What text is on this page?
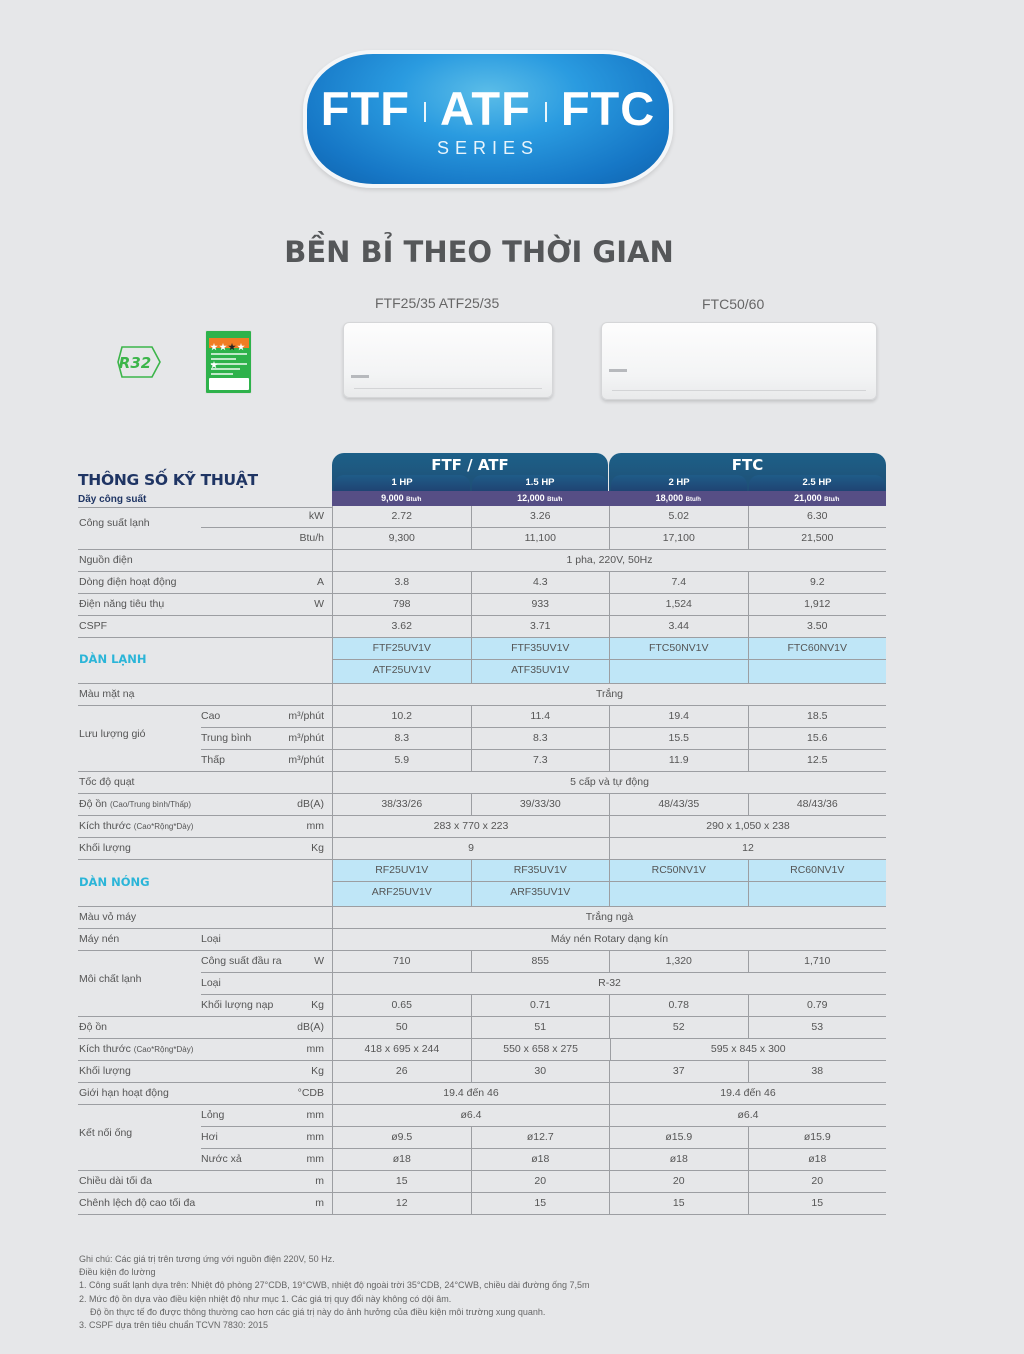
FTF ATF FTC
SERIES
BỀN BỈ THEO THỜI GIAN
R32
FTF25/35 ATF25/35	FTC50/60
THÔNG SỐ KỸ THUẬT
Dãy công suất
FTF / ATF	FTC
1 HP	1.5 HP	2 HP	2.5 HP
9,000 Btu/h	12,000 Btu/h	18,000 Btu/h	21,000 Btu/h
Công suất lạnh
kW	2.72	3.26	5.02	6.30
Btu/h	9,300	11,100	17,100	21,500
Nguồn điện	1 pha, 220V, 50Hz
Dòng điện hoạt động	A	3.8	4.3	7.4	9.2
Điện năng tiêu thụ	W	798	933	1,524	1,912
CSPF	3.62	3.71	3.44	3.50
DÀN LẠNH
FTF25UV1V	FTF35UV1V	FTC50NV1V	FTC60NV1V
ATF25UV1V	ATF35UV1V
Màu mặt nạ	Trắng
Lưu lượng gió
Cao	m³/phút	10.2	11.4	19.4	18.5
Trung bình	m³/phút	8.3	8.3	15.5	15.6
Thấp	m³/phút	5.9	7.3	11.9	12.5
Tốc độ quạt	5 cấp và tự động
Độ ồn (Cao/Trung bình/Thấp)	dB(A)	38/33/26	39/33/30	48/43/35	48/43/36
Kích thước (Cao*Rộng*Dày)	mm	283 x 770 x 223	290 x 1,050 x 238
Khối lượng	Kg	9	12
DÀN NÓNG
RF25UV1V	RF35UV1V	RC50NV1V	RC60NV1V
ARF25UV1V	ARF35UV1V
Màu vỏ máy	Trắng ngà
Máy nén	Loại	Máy nén Rotary dạng kín
Môi chất lạnh
Công suất đầu ra	W	710	855	1,320	1,710
Loại	R-32
Khối lượng nạp	Kg	0.65	0.71	0.78	0.79
Độ ồn	dB(A)	50	51	52	53
Kích thước (Cao*Rộng*Dày)	mm	418 x 695 x 244	550 x 658 x 275	595 x 845 x 300
Khối lượng	Kg	26	30	37	38
Giới hạn hoạt động	°CDB	19.4 đến 46	19.4 đến 46
Kết nối ống
Lỏng	mm	ø6.4	ø6.4
Hơi	mm	ø9.5	ø12.7	ø15.9	ø15.9
Nước xả	mm	ø18	ø18	ø18	ø18
Chiều dài tối đa	m	15	20	20	20
Chênh lệch độ cao tối đa	m	12	15	15	15
Ghi chú: Các giá trị trên tương ứng với nguồn điện 220V, 50 Hz.
Điều kiện đo lường
1. Công suất lạnh dựa trên: Nhiệt độ phòng 27°CDB, 19°CWB, nhiệt độ ngoài trời 35°CDB, 24°CWB, chiều dài đường ống 7,5m
2. Mức độ ồn dựa vào điều kiện nhiệt độ như mục 1. Các giá trị quy đổi này không có dội âm.
Độ ồn thực tế đo được thông thường cao hơn các giá trị này do ảnh hưởng của điều kiện môi trường xung quanh.
3. CSPF dựa trên tiêu chuẩn TCVN 7830: 2015
